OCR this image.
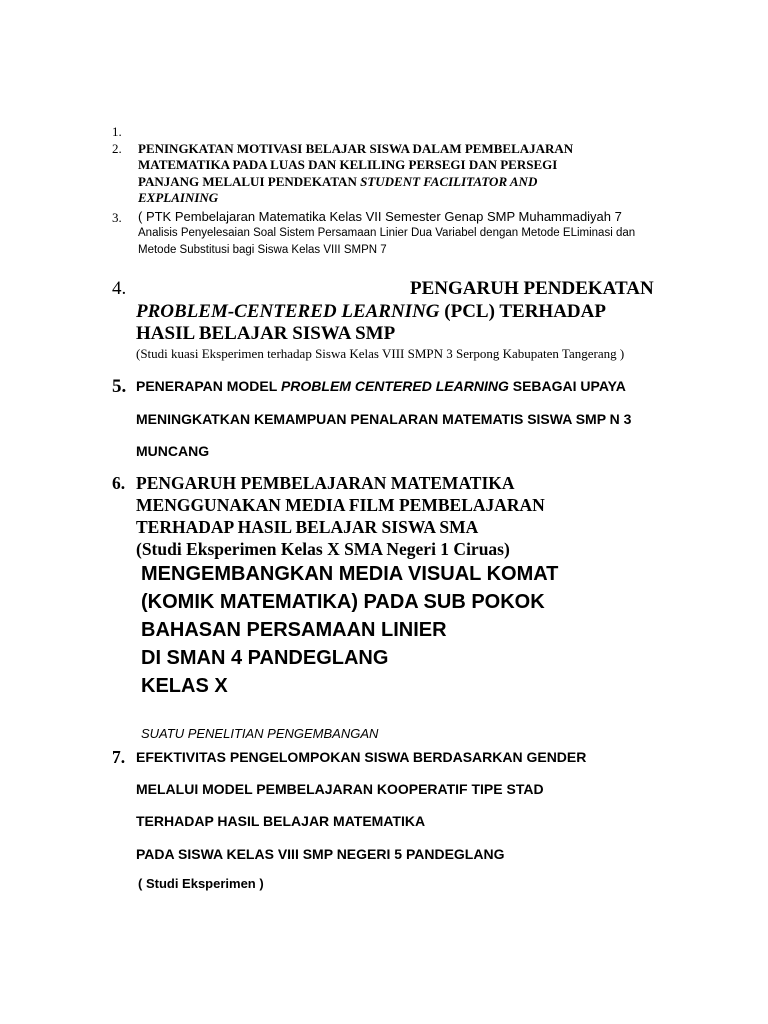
1.
2. PENINGKATAN MOTIVASI BELAJAR SISWA DALAM PEMBELAJARAN
MATEMATIKA PADA LUAS DAN KELILING PERSEGI DAN PERSEGI
PANJANG MELALUI PENDEKATAN STUDENT FACILITATOR AND
EXPLAINING
3. ( PTK Pembelajaran Matematika Kelas VII Semester Genap SMP Muhammadiyah 7
Analisis Penyelesaian Soal Sistem Persamaan Linier Dua Variabel dengan Metode ELiminasi dan
Metode Substitusi bagi Siswa Kelas VIII SMPN 7
4.	PENGARUH PENDEKATAN
PROBLEM-CENTERED LEARNING (PCL) TERHADAP
HASIL BELAJAR SISWA SMP
(Studi kuasi Eksperimen terhadap Siswa Kelas VIII SMPN 3 Serpong Kabupaten Tangerang )
5. PENERAPAN MODEL PROBLEM CENTERED LEARNING SEBAGAI UPAYA
MENINGKATKAN KEMAMPUAN PENALARAN MATEMATIS SISWA SMP N 3
MUNCANG
6. PENGARUH PEMBELAJARAN MATEMATIKA
MENGGUNAKAN MEDIA FILM PEMBELAJARAN
TERHADAP HASIL BELAJAR SISWA SMA
(Studi Eksperimen Kelas X SMA Negeri 1 Ciruas)
MENGEMBANGKAN MEDIA VISUAL KOMAT
(KOMIK MATEMATIKA) PADA SUB POKOK
BAHASAN PERSAMAAN LINIER
DI SMAN 4 PANDEGLANG
KELAS X
SUATU PENELITIAN PENGEMBANGAN
7. EFEKTIVITAS PENGELOMPOKAN SISWA BERDASARKAN GENDER
MELALUI MODEL PEMBELAJARAN KOOPERATIF TIPE STAD
TERHADAP HASIL BELAJAR MATEMATIKA
PADA SISWA KELAS VIII SMP NEGERI 5 PANDEGLANG
( Studi Eksperimen )
